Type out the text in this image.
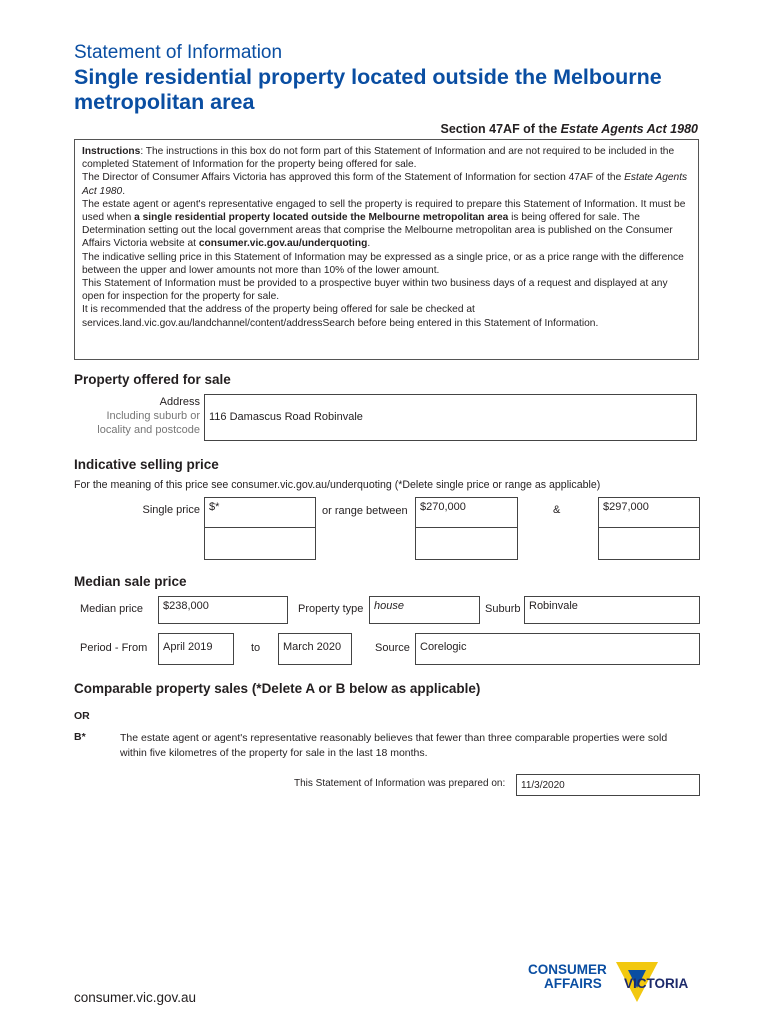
Statement of Information
Single residential property located outside the Melbourne metropolitan area
Section 47AF of the Estate Agents Act 1980

Instructions: The instructions in this box do not form part of this Statement of Information and are not required to be included in the completed Statement of Information for the property being offered for sale.

The Director of Consumer Affairs Victoria has approved this form of the Statement of Information for section 47AF of the Estate Agents Act 1980.

The estate agent or agent's representative engaged to sell the property is required to prepare this Statement of Information. It must be used when a single residential property located outside the Melbourne metropolitan area is being offered for sale. The Determination setting out the local government areas that comprise the Melbourne metropolitan area is published on the Consumer Affairs Victoria website at consumer.vic.gov.au/underquoting.

The indicative selling price in this Statement of Information may be expressed as a single price, or as a price range with the difference between the upper and lower amounts not more than 10% of the lower amount.

This Statement of Information must be provided to a prospective buyer within two business days of a request and displayed at any open for inspection for the property for sale.

It is recommended that the address of the property being offered for sale be checked at services.land.vic.gov.au/landchannel/content/addressSearch before being entered in this Statement of Information.

Property offered for sale
Address
Including suburb or
locality and postcode
116 Damascus Road Robinvale
Indicative selling price
For the meaning of this price see consumer.vic.gov.au/underquoting (*Delete single price or range as applicable)
Single price $*	or range between	$270,000	&	$297,000
Median sale price
Median price	$238,000	Property type house	Suburb Robinvale
Period - From	April 2019	to	March 2020	Source Corelogic
Comparable property sales (*Delete A or B below as applicable)
OR
B*	The estate agent or agent's representative reasonably believes that fewer than three comparable properties were sold within five kilometres of the property for sale in the last 18 months.
This Statement of Information was prepared on:	11/3/2020
CONSUMER
AFFAIRS VICTORIA
consumer.vic.gov.au
